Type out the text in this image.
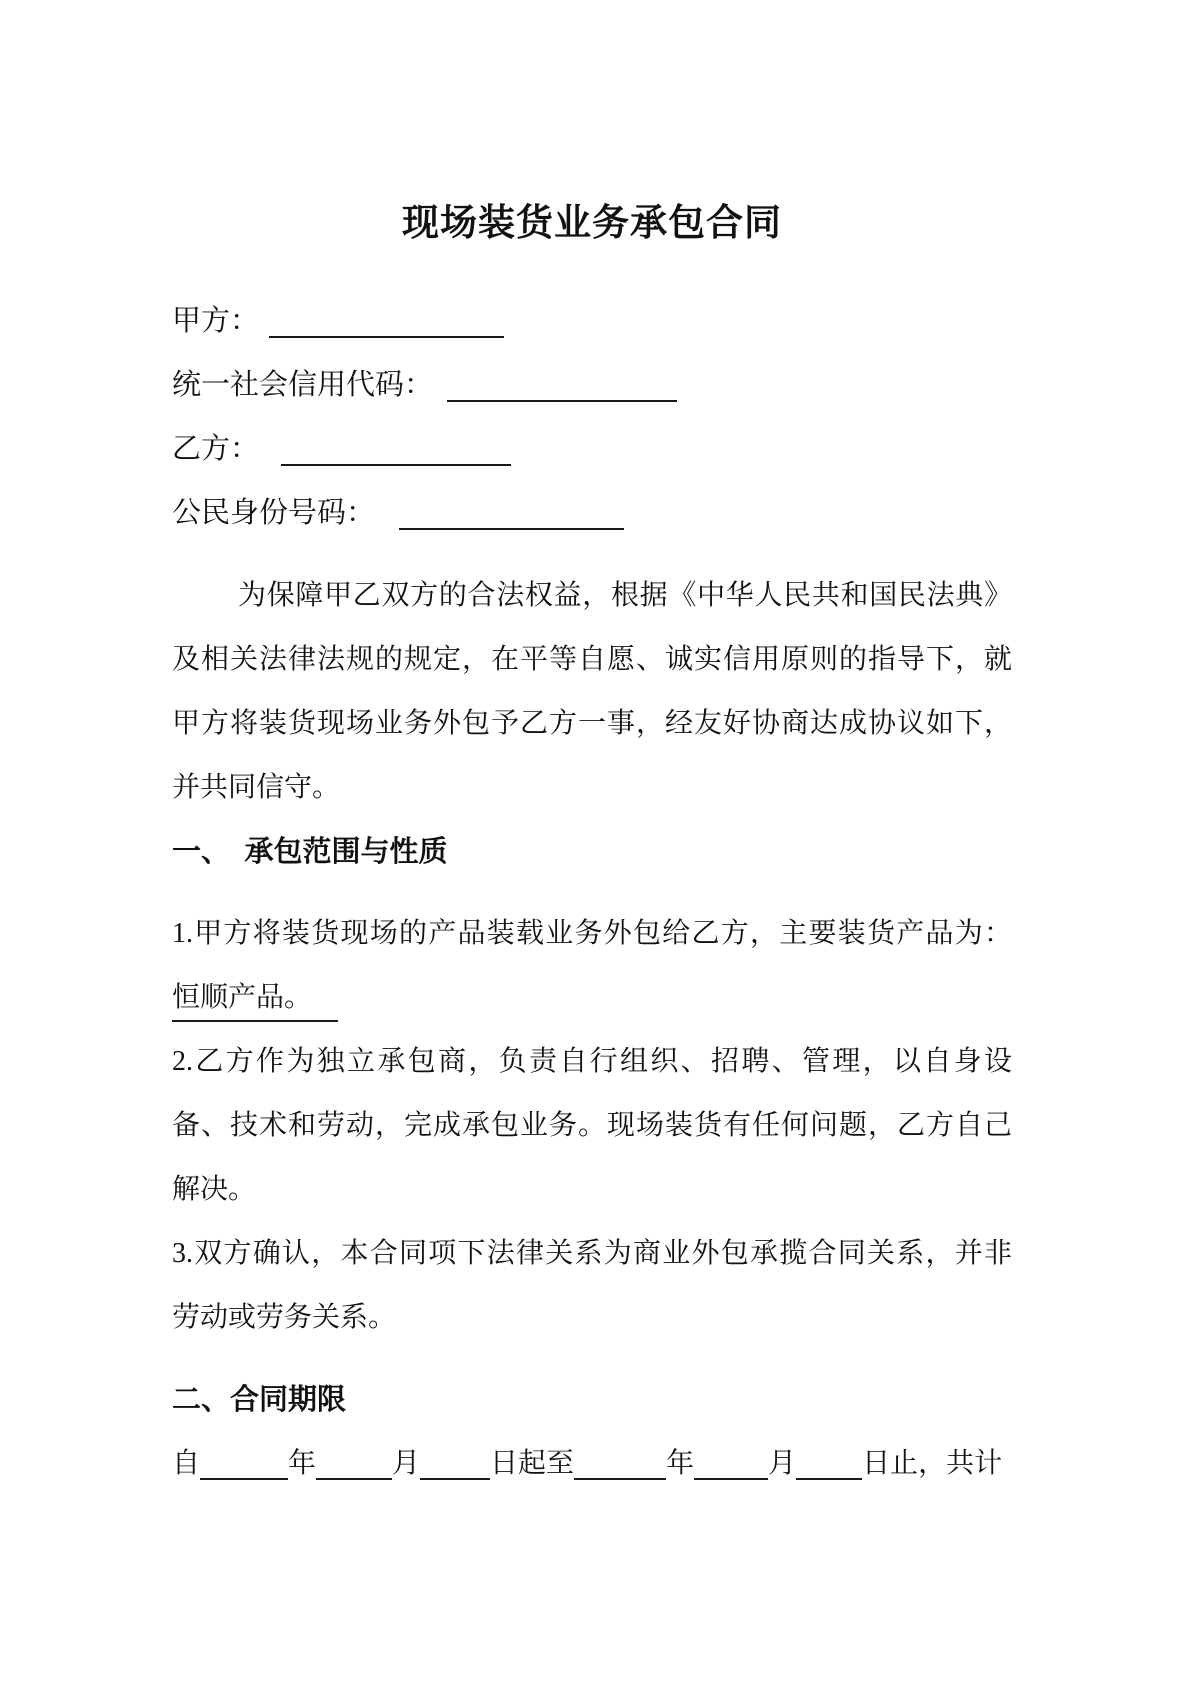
现场装货业务承包合同
甲方：
统一社会信用代码：
乙方：
公民身份号码：
为保障甲乙双方的合法权益，根据《中华人民共和国民法典》
及相关法律法规的规定，在平等自愿、诚实信用原则的指导下，就
甲方将装货现场业务外包予乙方一事，经友好协商达成协议如下，
并共同信守。
一、　承包范围与性质
1.甲方将装货现场的产品装载业务外包给乙方，主要装货产品为：
恒顺产品。
2.乙方作为独立承包商，负责自行组织、招聘、管理，以自身设
备、技术和劳动，完成承包业务。现场装货有任何问题，乙方自己
解决。
3.双方确认，本合同项下法律关系为商业外包承揽合同关系，并非
劳动或劳务关系。
二、合同期限
自	年	月	日起至	年	月 日止，共计
